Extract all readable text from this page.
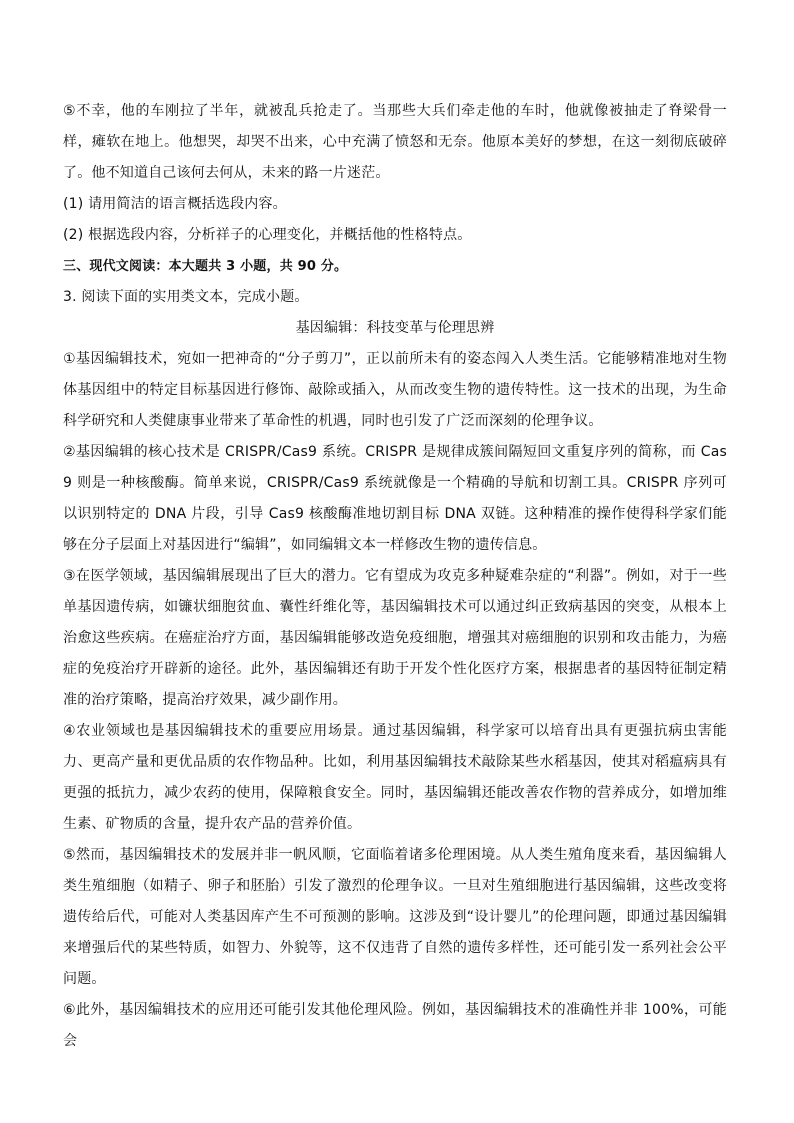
⑤不幸，他的车刚拉了半年，就被乱兵抢走了。当那些大兵们牵走他的车时，他就像被抽走了脊梁骨一样，瘫软在地上。他想哭，却哭不出来，心中充满了愤怒和无奈。他原本美好的梦想，在这一刻彻底破碎了。他不知道自己该何去何从，未来的路一片迷茫。

(1) 请用简洁的语言概括选段内容。

(2) 根据选段内容，分析祥子的心理变化，并概括他的性格特点。

三、现代文阅读：本大题共 3 小题，共 90 分。

3. 阅读下面的实用类文本，完成小题。

基因编辑：科技变革与伦理思辨

①基因编辑技术，宛如一把神奇的“分子剪刀”，正以前所未有的姿态闯入人类生活。它能够精准地对生物体基因组中的特定目标基因进行修饰、敲除或插入，从而改变生物的遗传特性。这一技术的出现，为生命科学研究和人类健康事业带来了革命性的机遇，同时也引发了广泛而深刻的伦理争议。

②基因编辑的核心技术是 CRISPR/Cas9 系统。CRISPR 是规律成簇间隔短回文重复序列的简称，而 Cas9 则是一种核酸酶。简单来说，CRISPR/Cas9 系统就像是一个精确的导航和切割工具。CRISPR 序列可以识别特定的 DNA 片段，引导 Cas9 核酸酶准地切割目标 DNA 双链。这种精准的操作使得科学家们能够在分子层面上对基因进行“编辑”，如同编辑文本一样修改生物的遗传信息。

③在医学领域，基因编辑展现出了巨大的潜力。它有望成为攻克多种疑难杂症的“利器”。例如，对于一些单基因遗传病，如镰状细胞贫血、囊性纤维化等，基因编辑技术可以通过纠正致病基因的突变，从根本上治愈这些疾病。在癌症治疗方面，基因编辑能够改造免疫细胞，增强其对癌细胞的识别和攻击能力，为癌症的免疫治疗开辟新的途径。此外，基因编辑还有助于开发个性化医疗方案，根据患者的基因特征制定精准的治疗策略，提高治疗效果，减少副作用。

④农业领域也是基因编辑技术的重要应用场景。通过基因编辑，科学家可以培育出具有更强抗病虫害能力、更高产量和更优品质的农作物品种。比如，利用基因编辑技术敲除某些水稻基因，使其对稻瘟病具有更强的抵抗力，减少农药的使用，保障粮食安全。同时，基因编辑还能改善农作物的营养成分，如增加维生素、矿物质的含量，提升农产品的营养价值。

⑤然而，基因编辑技术的发展并非一帆风顺，它面临着诸多伦理困境。从人类生殖角度来看，基因编辑人类生殖细胞（如精子、卵子和胚胎）引发了激烈的伦理争议。一旦对生殖细胞进行基因编辑，这些改变将遗传给后代，可能对人类基因库产生不可预测的影响。这涉及到“设计婴儿”的伦理问题，即通过基因编辑来增强后代的某些特质，如智力、外貌等，这不仅违背了自然的遗传多样性，还可能引发一系列社会公平问题。

⑥此外，基因编辑技术的应用还可能引发其他伦理风险。例如，基因编辑技术的准确性并非 100%，可能会
